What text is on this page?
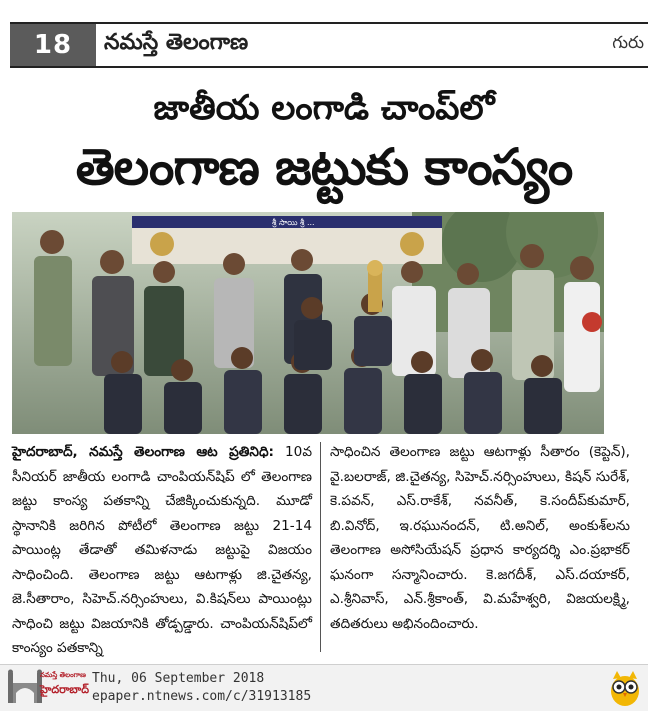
18	నమస్తే తెలంగాణ	గురు
జాతీయ లంగాడి చాంప్‌లో
తెలంగాణ జట్టుకు కాంస్యం
శ్రీ సాయి శ్రీ ...
హైదరాబాద్, నమస్తే తెలంగాణ ఆట ప్రతినిధి: 10వ సీనియర్ జాతీయ లంగాడి చాంపియన్‌షిప్ లో తెలంగాణ జట్టు కాంస్య పతకాన్ని చేజిక్కించుకున్నది. మూడో స్థానానికి జరిగిన పోటీలో తెలంగాణ జట్టు 21-14 పాయింట్ల తేడాతో తమిళనాడు జట్టుపై విజయం సాధించింది. తెలంగాణ జట్టు ఆటగాళ్లు జి.చైతన్య, జె.సీతారాం, సిహెచ్.నర్సింహులు, వి.కిషన్‌లు పాయింట్లు సాధించి జట్టు విజయానికి తోడ్పడ్డారు. చాంపియన్‌షిప్‌లో కాంస్యం పతకాన్ని
సాధించిన తెలంగాణ జట్టు ఆటగాళ్లు సీతారం (కెప్టెన్), వై.బలరాజ్, జి.చైతన్య, సిహెచ్.నర్సింహులు, కిషన్ సురేశ్, కె.పవన్, ఎస్.రాకేశ్, నవనీత్, కె.సందీప్‌కుమార్, బి.వినోద్, ఇ.రఘునందన్, టి.అనిల్, అంకుశ్‌లను తెలంగాణ అసోసియేషన్ ప్రధాన కార్యదర్శి ఎం.ప్రభాకర్ ఘనంగా సన్మానించారు. కె.జగదీశ్, ఎస్.దయాకర్, ఎ.శ్రీనివాస్, ఎన్.శ్రీకాంత్, వి.మహేశ్వరి, విజయలక్ష్మి, తదితరులు అభినందించారు.
నమస్తే తెలంగాణ
హైదరాబాద్
Thu, 06 September 2018
epaper.ntnews.com/c/31913185
